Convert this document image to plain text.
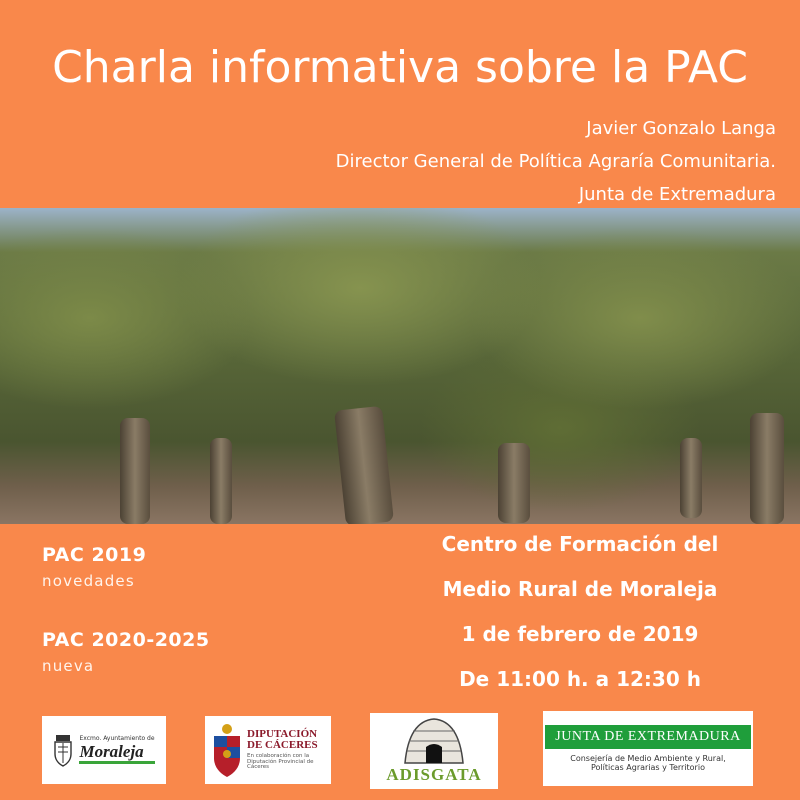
Charla informativa sobre la PAC
Javier Gonzalo Langa
Director General de Política Agraría Comunitaria.
Junta de Extremadura
PAC 2019
novedades
PAC 2020-2025
nueva
Centro de Formación del
Medio Rural de Moraleja
1 de febrero de 2019
De 11:00 h. a 12:30 h
Excmo. Ayuntamiento de
Moraleja
DIPUTACIÓN
DE CÁCERES
En colaboración con la Diputación Provincial de Cáceres	ADISGATA
JUNTA DE EXTREMADURA
Consejería de Medio Ambiente y Rural,
Políticas Agrarias y Territorio
